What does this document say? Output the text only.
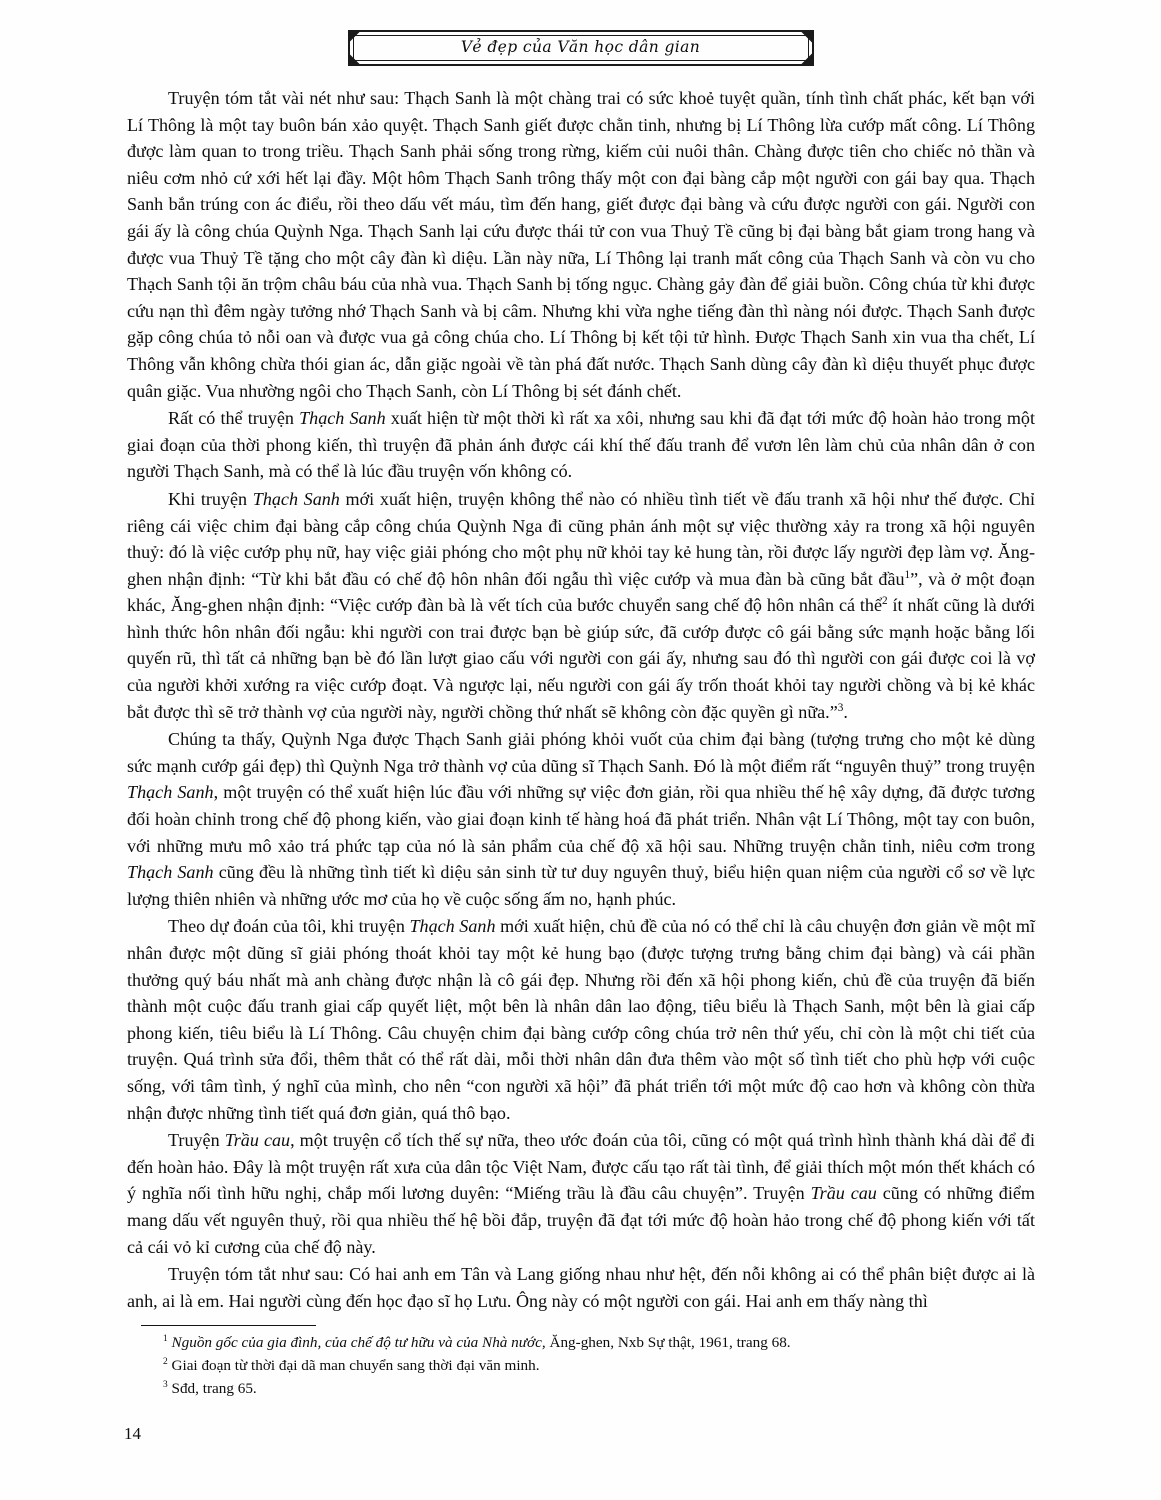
Vẻ đẹp của Văn học dân gian

Truyện tóm tắt vài nét như sau: Thạch Sanh là một chàng trai có sức khoẻ tuyệt quần, tính tình chất phác, kết bạn với Lí Thông là một tay buôn bán xảo quyệt. Thạch Sanh giết được chằn tinh, nhưng bị Lí Thông lừa cướp mất công. Lí Thông được làm quan to trong triều. Thạch Sanh phải sống trong rừng, kiếm củi nuôi thân. Chàng được tiên cho chiếc nỏ thần và niêu cơm nhỏ cứ xới hết lại đầy. Một hôm Thạch Sanh trông thấy một con đại bàng cắp một người con gái bay qua. Thạch Sanh bắn trúng con ác điểu, rồi theo dấu vết máu, tìm đến hang, giết được đại bàng và cứu được người con gái. Người con gái ấy là công chúa Quỳnh Nga. Thạch Sanh lại cứu được thái tử con vua Thuỷ Tề cũng bị đại bàng bắt giam trong hang và được vua Thuỷ Tề tặng cho một cây đàn kì diệu. Lần này nữa, Lí Thông lại tranh mất công của Thạch Sanh và còn vu cho Thạch Sanh tội ăn trộm châu báu của nhà vua. Thạch Sanh bị tống ngục. Chàng gảy đàn để giải buồn. Công chúa từ khi được cứu nạn thì đêm ngày tưởng nhớ Thạch Sanh và bị câm. Nhưng khi vừa nghe tiếng đàn thì nàng nói được. Thạch Sanh được gặp công chúa tỏ nỗi oan và được vua gả công chúa cho. Lí Thông bị kết tội tử hình. Được Thạch Sanh xin vua tha chết, Lí Thông vẫn không chừa thói gian ác, dẫn giặc ngoài về tàn phá đất nước. Thạch Sanh dùng cây đàn kì diệu thuyết phục được quân giặc. Vua nhường ngôi cho Thạch Sanh, còn Lí Thông bị sét đánh chết.

Rất có thể truyện Thạch Sanh xuất hiện từ một thời kì rất xa xôi, nhưng sau khi đã đạt tới mức độ hoàn hảo trong một giai đoạn của thời phong kiến, thì truyện đã phản ánh được cái khí thế đấu tranh để vươn lên làm chủ của nhân dân ở con người Thạch Sanh, mà có thể là lúc đầu truyện vốn không có.

Khi truyện Thạch Sanh mới xuất hiện, truyện không thể nào có nhiều tình tiết về đấu tranh xã hội như thế được. Chỉ riêng cái việc chim đại bàng cắp công chúa Quỳnh Nga đi cũng phản ánh một sự việc thường xảy ra trong xã hội nguyên thuỷ: đó là việc cướp phụ nữ, hay việc giải phóng cho một phụ nữ khỏi tay kẻ hung tàn, rồi được lấy người đẹp làm vợ. Ăng-ghen nhận định: “Từ khi bắt đầu có chế độ hôn nhân đối ngẫu thì việc cướp và mua đàn bà cũng bắt đầu$^1$”, và ở một đoạn khác, Ăng-ghen nhận định: “Việc cướp đàn bà là vết tích của bước chuyển sang chế độ hôn nhân cá thể$^2$ ít nhất cũng là dưới hình thức hôn nhân đối ngẫu: khi người con trai được bạn bè giúp sức, đã cướp được cô gái bằng sức mạnh hoặc bằng lối quyến rũ, thì tất cả những bạn bè đó lần lượt giao cấu với người con gái ấy, nhưng sau đó thì người con gái được coi là vợ của người khởi xướng ra việc cướp đoạt. Và ngược lại, nếu người con gái ấy trốn thoát khỏi tay người chồng và bị kẻ khác bắt được thì sẽ trở thành vợ của người này, người chồng thứ nhất sẽ không còn đặc quyền gì nữa.”$^3$.

Chúng ta thấy, Quỳnh Nga được Thạch Sanh giải phóng khỏi vuốt của chim đại bàng (tượng trưng cho một kẻ dùng sức mạnh cướp gái đẹp) thì Quỳnh Nga trở thành vợ của dũng sĩ Thạch Sanh. Đó là một điểm rất “nguyên thuỷ” trong truyện Thạch Sanh, một truyện có thể xuất hiện lúc đầu với những sự việc đơn giản, rồi qua nhiều thế hệ xây dựng, đã được tương đối hoàn chỉnh trong chế độ phong kiến, vào giai đoạn kinh tế hàng hoá đã phát triển. Nhân vật Lí Thông, một tay con buôn, với những mưu mô xảo trá phức tạp của nó là sản phẩm của chế độ xã hội sau. Những truyện chằn tinh, niêu cơm trong Thạch Sanh cũng đều là những tình tiết kì diệu sản sinh từ tư duy nguyên thuỷ, biểu hiện quan niệm của người cổ sơ về lực lượng thiên nhiên và những ước mơ của họ về cuộc sống ấm no, hạnh phúc.

Theo dự đoán của tôi, khi truyện Thạch Sanh mới xuất hiện, chủ đề của nó có thể chỉ là câu chuyện đơn giản về một mĩ nhân được một dũng sĩ giải phóng thoát khỏi tay một kẻ hung bạo (được tượng trưng bằng chim đại bàng) và cái phần thưởng quý báu nhất mà anh chàng được nhận là cô gái đẹp. Nhưng rồi đến xã hội phong kiến, chủ đề của truyện đã biến thành một cuộc đấu tranh giai cấp quyết liệt, một bên là nhân dân lao động, tiêu biểu là Thạch Sanh, một bên là giai cấp phong kiến, tiêu biểu là Lí Thông. Câu chuyện chim đại bàng cướp công chúa trở nên thứ yếu, chỉ còn là một chi tiết của truyện. Quá trình sửa đổi, thêm thắt có thể rất dài, mỗi thời nhân dân đưa thêm vào một số tình tiết cho phù hợp với cuộc sống, với tâm tình, ý nghĩ của mình, cho nên “con người xã hội” đã phát triển tới một mức độ cao hơn và không còn thừa nhận được những tình tiết quá đơn giản, quá thô bạo.

Truyện Trầu cau, một truyện cổ tích thế sự nữa, theo ước đoán của tôi, cũng có một quá trình hình thành khá dài để đi đến hoàn hảo. Đây là một truyện rất xưa của dân tộc Việt Nam, được cấu tạo rất tài tình, để giải thích một món thết khách có ý nghĩa nối tình hữu nghị, chắp mối lương duyên: “Miếng trầu là đầu câu chuyện”. Truyện Trầu cau cũng có những điểm mang dấu vết nguyên thuỷ, rồi qua nhiều thế hệ bồi đắp, truyện đã đạt tới mức độ hoàn hảo trong chế độ phong kiến với tất cả cái vỏ kỉ cương của chế độ này.

Truyện tóm tắt như sau: Có hai anh em Tân và Lang giống nhau như hệt, đến nỗi không ai có thể phân biệt được ai là anh, ai là em. Hai người cùng đến học đạo sĩ họ Lưu. Ông này có một người con gái. Hai anh em thấy nàng thì

$^1$ Nguồn gốc của gia đình, của chế độ tư hữu và của Nhà nước, Ăng-ghen, Nxb Sự thật, 1961, trang 68.

$^2$ Giai đoạn từ thời đại dã man chuyển sang thời đại văn minh.

$^3$ Sđd, trang 65.

14
